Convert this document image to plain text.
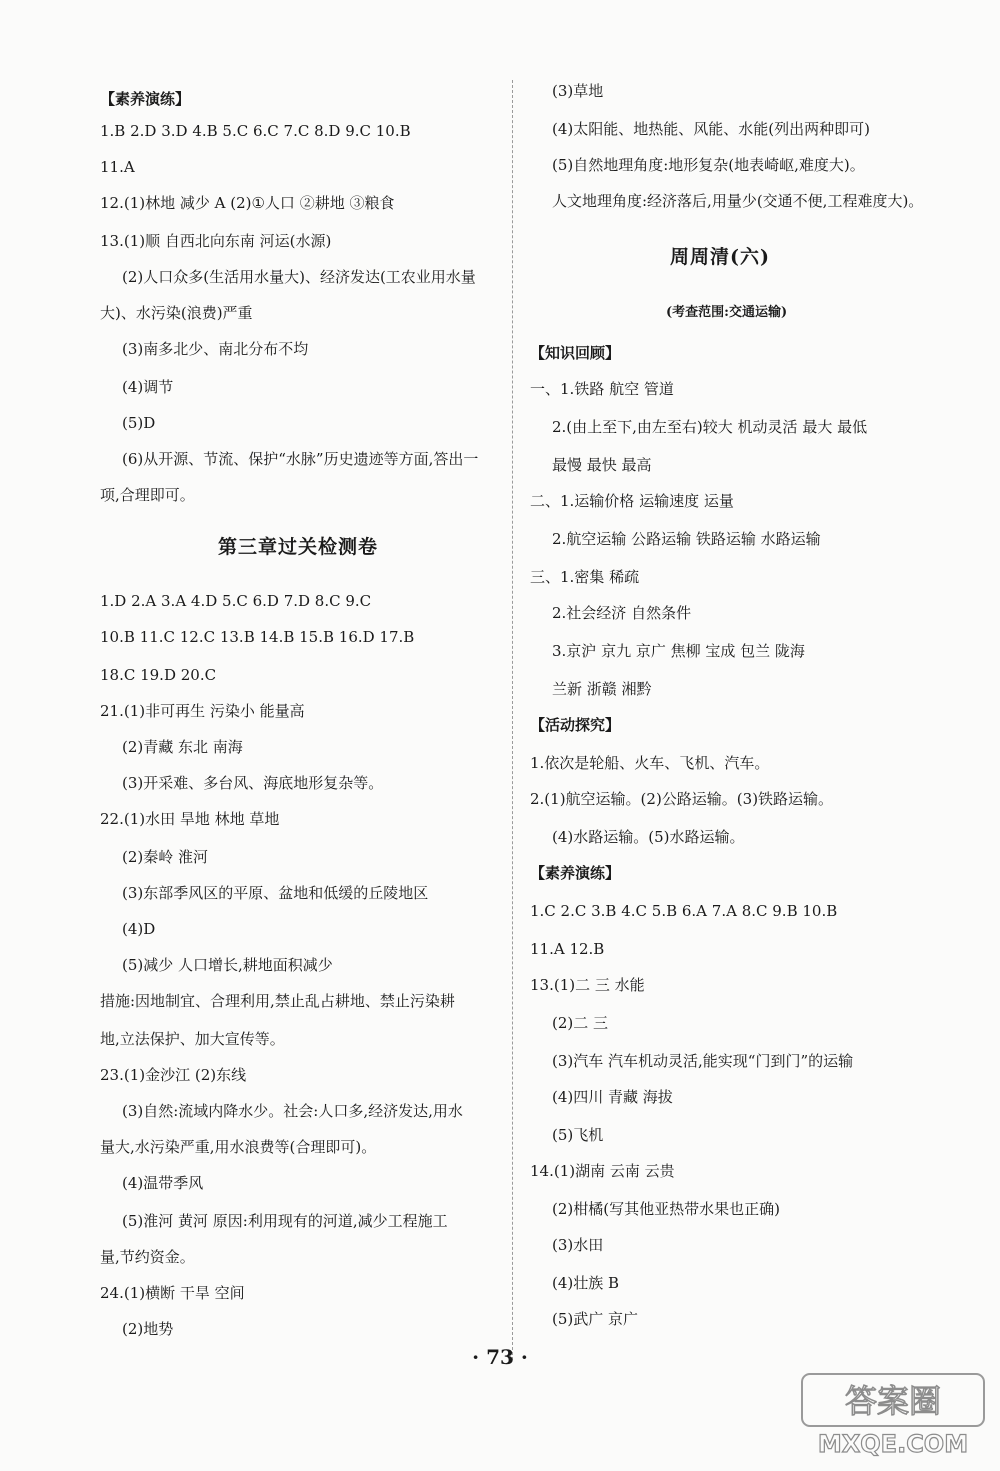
【素养演练】
1.B 2.D 3.D 4.B 5.C 6.C 7.C 8.D 9.C 10.B
11.A
12.(1)林地 减少 A (2)①人口 ②耕地 ③粮食
13.(1)顺 自西北向东南 河运(水源)
(2)人口众多(生活用水量大)、经济发达(工农业用水量
大)、水污染(浪费)严重
(3)南多北少、南北分布不均
(4)调节
(5)D
(6)从开源、节流、保护“水脉”历史遗迹等方面,答出一
项,合理即可。
第三章过关检测卷
1.D 2.A 3.A 4.D 5.C 6.D 7.D 8.C 9.C
10.B 11.C 12.C 13.B 14.B 15.B 16.D 17.B
18.C 19.D 20.C
21.(1)非可再生 污染小 能量高
(2)青藏 东北 南海
(3)开采难、多台风、海底地形复杂等。
22.(1)水田 旱地 林地 草地
(2)秦岭 淮河
(3)东部季风区的平原、盆地和低缓的丘陵地区
(4)D
(5)减少 人口增长,耕地面积减少
措施:因地制宜、合理利用,禁止乱占耕地、禁止污染耕
地,立法保护、加大宣传等。
23.(1)金沙江 (2)东线
(3)自然:流域内降水少。社会:人口多,经济发达,用水
量大,水污染严重,用水浪费等(合理即可)。
(4)温带季风
(5)淮河 黄河 原因:利用现有的河道,减少工程施工
量,节约资金。
24.(1)横断 干旱 空间
(2)地势
(3)草地
(4)太阳能、地热能、风能、水能(列出两种即可)
(5)自然地理角度:地形复杂(地表崎岖,难度大)。
人文地理角度:经济落后,用量少(交通不便,工程难度大)。
周周清(六)
(考查范围:交通运输)
【知识回顾】
一、1.铁路 航空 管道
2.(由上至下,由左至右)较大 机动灵活 最大 最低
最慢 最快 最高
二、1.运输价格 运输速度 运量
2.航空运输 公路运输 铁路运输 水路运输
三、1.密集 稀疏
2.社会经济 自然条件
3.京沪 京九 京广 焦柳 宝成 包兰 陇海
兰新 浙赣 湘黔
【活动探究】
1.依次是轮船、火车、飞机、汽车。
2.(1)航空运输。(2)公路运输。(3)铁路运输。
(4)水路运输。(5)水路运输。
【素养演练】
1.C 2.C 3.B 4.C 5.B 6.A 7.A 8.C 9.B 10.B
11.A 12.B
13.(1)二 三 水能
(2)二 三
(3)汽车 汽车机动灵活,能实现“门到门”的运输
(4)四川 青藏 海拔
(5)飞机
14.(1)湖南 云南 云贵
(2)柑橘(写其他亚热带水果也正确)
(3)水田
(4)壮族 B
(5)武广 京广
· 73 ·
答案圈
MXQE.COM
